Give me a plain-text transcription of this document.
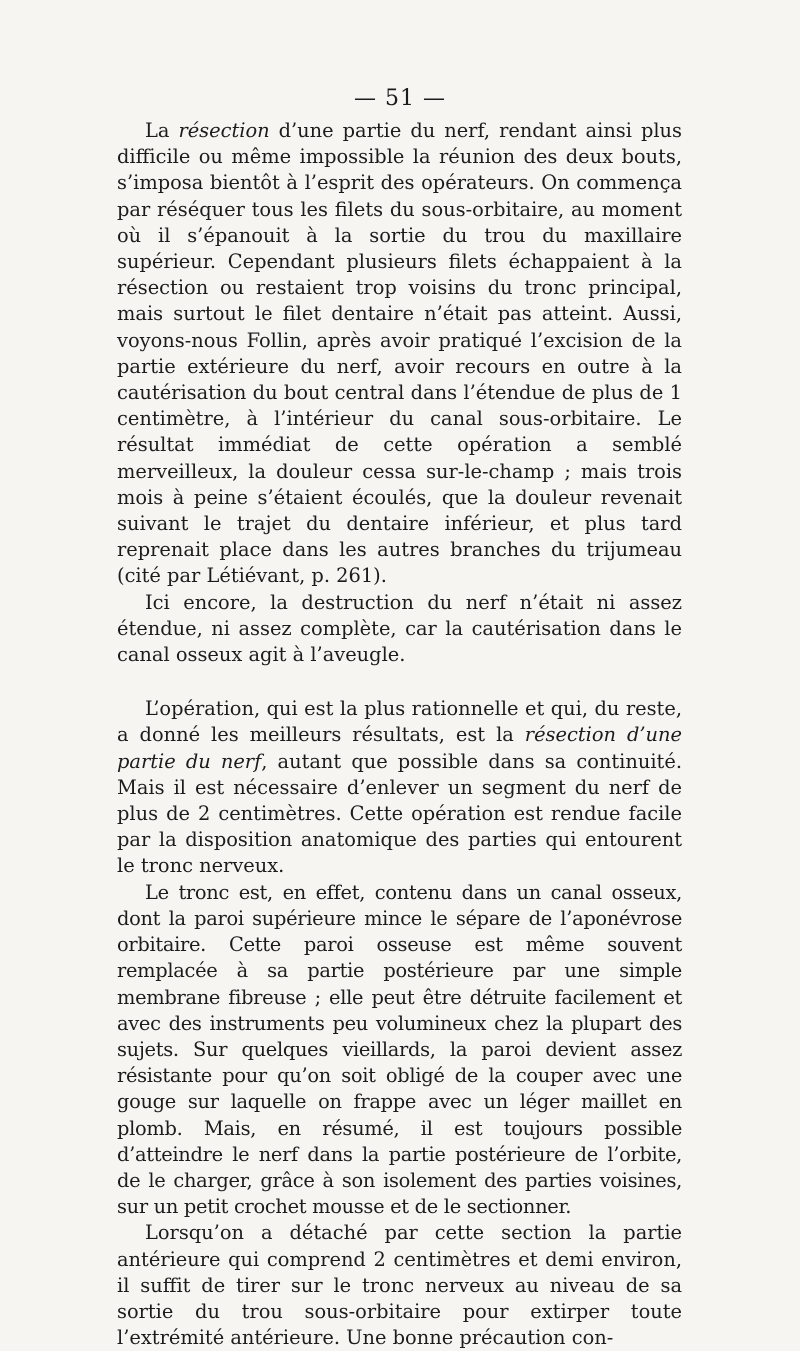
— 51 —

La résection d’une partie du nerf, rendant ainsi plus difficile ou même impossible la réunion des deux bouts, s’imposa bientôt à l’esprit des opérateurs. On commença par réséquer tous les filets du sous-orbitaire, au moment où il s’épanouit à la sortie du trou du maxillaire supérieur. Cependant plusieurs filets échappaient à la résection ou restaient trop voisins du tronc principal, mais surtout le filet dentaire n’était pas atteint. Aussi, voyons-nous Follin, après avoir pratiqué l’excision de la partie extérieure du nerf, avoir recours en outre à la cautérisation du bout central dans l’étendue de plus de 1 centimètre, à l’intérieur du canal sous-orbitaire. Le résultat immédiat de cette opération a semblé merveilleux, la douleur cessa sur-le-champ ; mais trois mois à peine s’étaient écoulés, que la douleur revenait suivant le trajet du dentaire inférieur, et plus tard reprenait place dans les autres branches du trijumeau (cité par Létiévant, p. 261).

Ici encore, la destruction du nerf n’était ni assez étendue, ni assez complète, car la cautérisation dans le canal osseux agit à l’aveugle.

L’opération, qui est la plus rationnelle et qui, du reste, a donné les meilleurs résultats, est la résection d’une partie du nerf, autant que possible dans sa continuité. Mais il est nécessaire d’enlever un segment du nerf de plus de 2 centimètres. Cette opération est rendue facile par la disposition anatomique des parties qui entourent le tronc nerveux.

Le tronc est, en effet, contenu dans un canal osseux, dont la paroi supérieure mince le sépare de l’aponévrose orbitaire. Cette paroi osseuse est même souvent remplacée à sa partie postérieure par une simple membrane fibreuse ; elle peut être détruite facilement et avec des instruments peu volumineux chez la plupart des sujets. Sur quelques vieillards, la paroi devient assez résistante pour qu’on soit obligé de la couper avec une gouge sur laquelle on frappe avec un léger maillet en plomb. Mais, en résumé, il est toujours possible d’atteindre le nerf dans la partie postérieure de l’orbite, de le charger, grâce à son isolement des parties voisines, sur un petit crochet mousse et de le sectionner.

Lorsqu’on a détaché par cette section la partie antérieure qui comprend 2 centimètres et demi environ, il suffit de tirer sur le tronc nerveux au niveau de sa sortie du trou sous-orbitaire pour extirper toute l’extrémité antérieure. Une bonne précaution con-
